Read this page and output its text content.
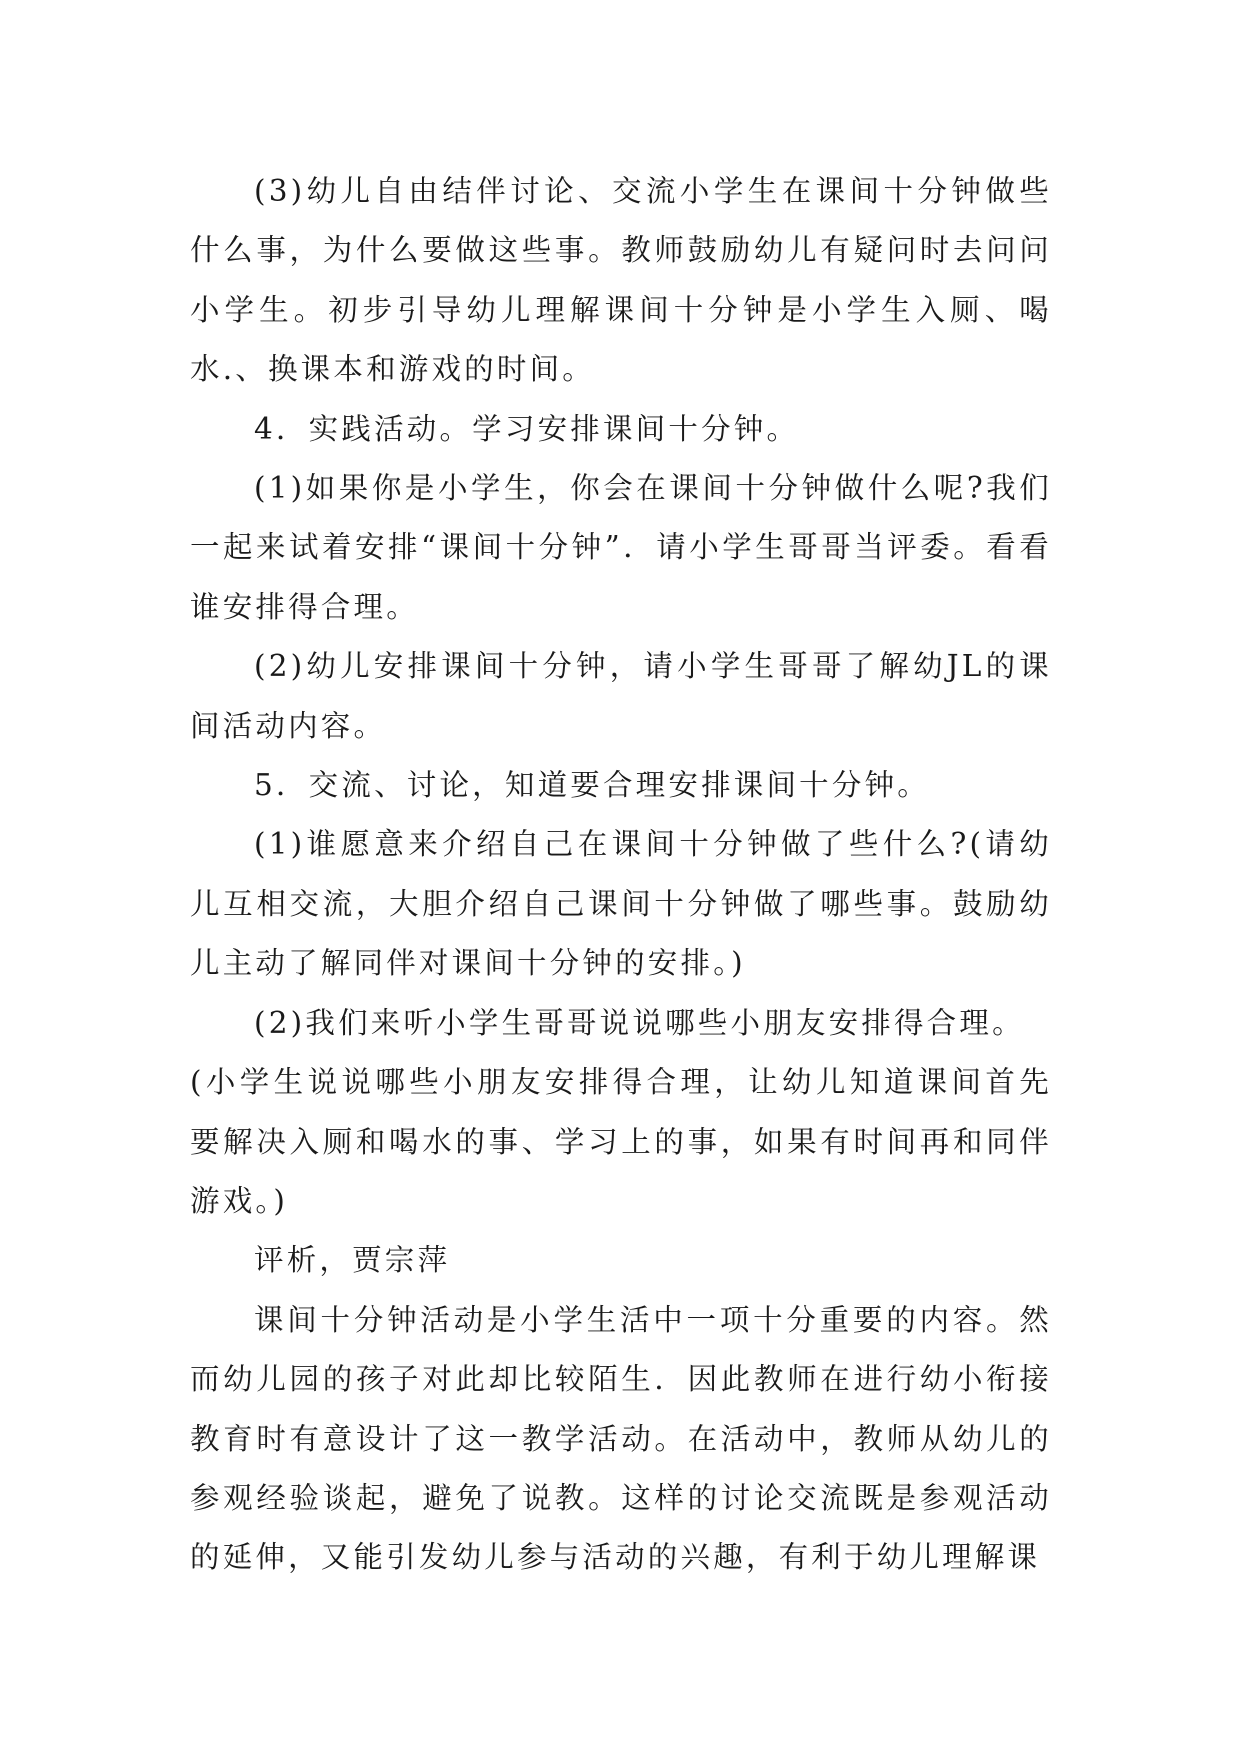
(3)幼儿自由结伴讨论、交流小学生在课间十分钟做些什么事，为什么要做这些事。教师鼓励幼儿有疑问时去问问小学生。初步引导幼儿理解课间十分钟是小学生入厕、喝水.、换课本和游戏的时间。

4．实践活动。学习安排课间十分钟。

(1)如果你是小学生，你会在课间十分钟做什么呢?我们一起来试着安排“课间十分钟”．请小学生哥哥当评委。看看谁安排得合理。

(2)幼儿安排课间十分钟，请小学生哥哥了解幼JL的课间活动内容。

5．交流、讨论，知道要合理安排课间十分钟。

(1)谁愿意来介绍自己在课间十分钟做了些什么?(请幼儿互相交流，大胆介绍自己课间十分钟做了哪些事。鼓励幼儿主动了解同伴对课间十分钟的安排。)

(2)我们来听小学生哥哥说说哪些小朋友安排得合理。

(小学生说说哪些小朋友安排得合理，让幼儿知道课间首先要解决入厕和喝水的事、学习上的事，如果有时间再和同伴游戏。)

评析，贾宗萍

课间十分钟活动是小学生活中一项十分重要的内容。然而幼儿园的孩子对此却比较陌生．因此教师在进行幼小衔接教育时有意设计了这一教学活动。在活动中，教师从幼儿的参观经验谈起，避免了说教。这样的讨论交流既是参观活动的延伸，又能引发幼儿参与活动的兴趣，有利于幼儿理解课
